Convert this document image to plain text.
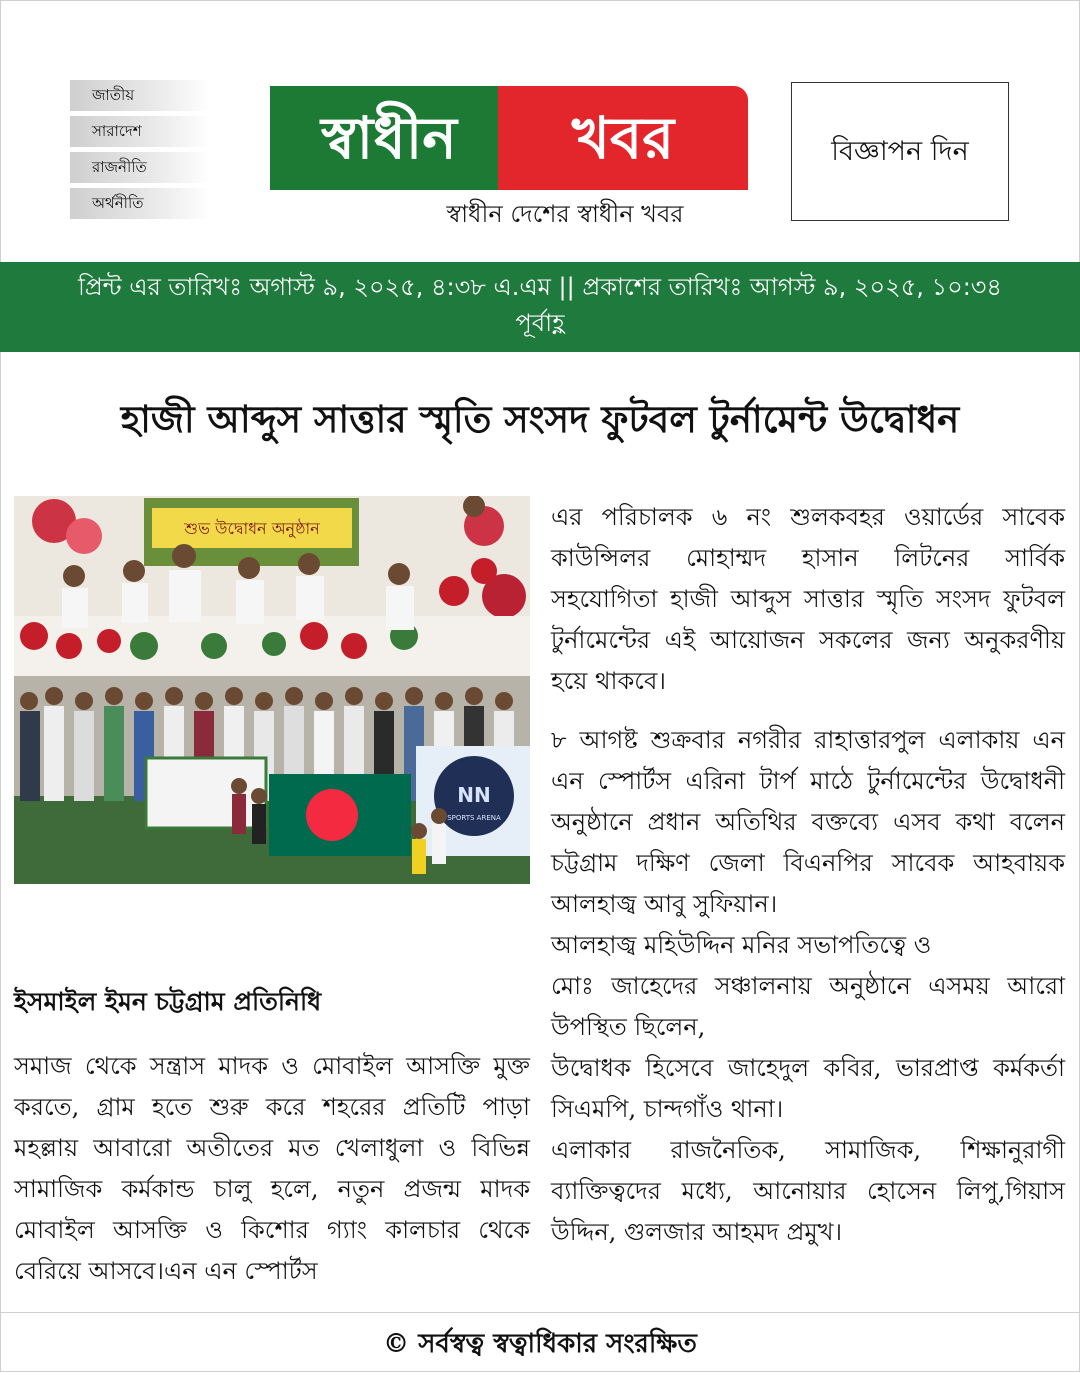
জাতীয়
সারাদেশ
রাজনীতি
অর্থনীতি
স্বাধীন	খবর
স্বাধীন দেশের স্বাধীন খবর
বিজ্ঞাপন দিন
প্রিন্ট এর তারিখঃ অগাস্ট ৯, ২০২৫, ৪:৩৮ এ.এম || প্রকাশের তারিখঃ আগস্ট ৯, ২০২৫, ১০:৩৪
পূর্বাহ্ণ
হাজী আব্দুস সাত্তার স্মৃতি সংসদ ফুটবল টুর্নামেন্ট উদ্বোধন
শুভ উদ্বোধন অনুষ্ঠান
NN
SPORTS ARENA
ইসমাইল ইমন চট্টগ্রাম প্রতিনিধি

সমাজ থেকে সন্ত্রাস মাদক ও মোবাইল আসক্তি মুক্ত করতে, গ্রাম হতে শুরু করে শহরের প্রতিটি পাড়া মহল্লায় আবারো অতীতের মত খেলাধুলা ও বিভিন্ন সামাজিক কর্মকান্ড চালু হলে, নতুন প্রজন্ম মাদক মোবাইল আসক্তি ও কিশোর গ্যাং কালচার থেকে বেরিয়ে আসবে।এন এন স্পোর্টস

এর পরিচালক ৬ নং শুলকবহর ওয়ার্ডের সাবেক কাউন্সিলর মোহাম্মদ হাসান লিটনের সার্বিক সহযোগিতা হাজী আব্দুস সাত্তার স্মৃতি সংসদ ফুটবল টুর্নামেন্টের এই আয়োজন সকলের জন্য অনুকরণীয় হয়ে থাকবে।

৮ আগষ্ট শুক্রবার নগরীর রাহাত্তারপুল এলাকায় এন এন স্পোর্টস এরিনা টার্প মাঠে টুর্নামেন্টের উদ্বোধনী অনুষ্ঠানে প্রধান অতিথির বক্তব্যে এসব কথা বলেন চট্টগ্রাম দক্ষিণ জেলা বিএনপির সাবেক আহবায়ক আলহাজ্ব আবু সুফিয়ান।

আলহাজ্ব মহিউদ্দিন মনির সভাপতিত্বে ও

মোঃ জাহেদের সঞ্চালনায় অনুষ্ঠানে এসময় আরো উপস্থিত ছিলেন,

উদ্বোধক হিসেবে জাহেদুল কবির, ভারপ্রাপ্ত কর্মকর্তা সিএমপি, চান্দগাঁও থানা।

এলাকার রাজনৈতিক, সামাজিক, শিক্ষানুরাগী ব্যাক্তিত্বদের মধ্যে, আনোয়ার হোসেন লিপু,গিয়াস উদ্দিন, গুলজার আহমদ প্রমুখ।

© সর্বস্বত্ব স্বত্বাধিকার সংরক্ষিত
